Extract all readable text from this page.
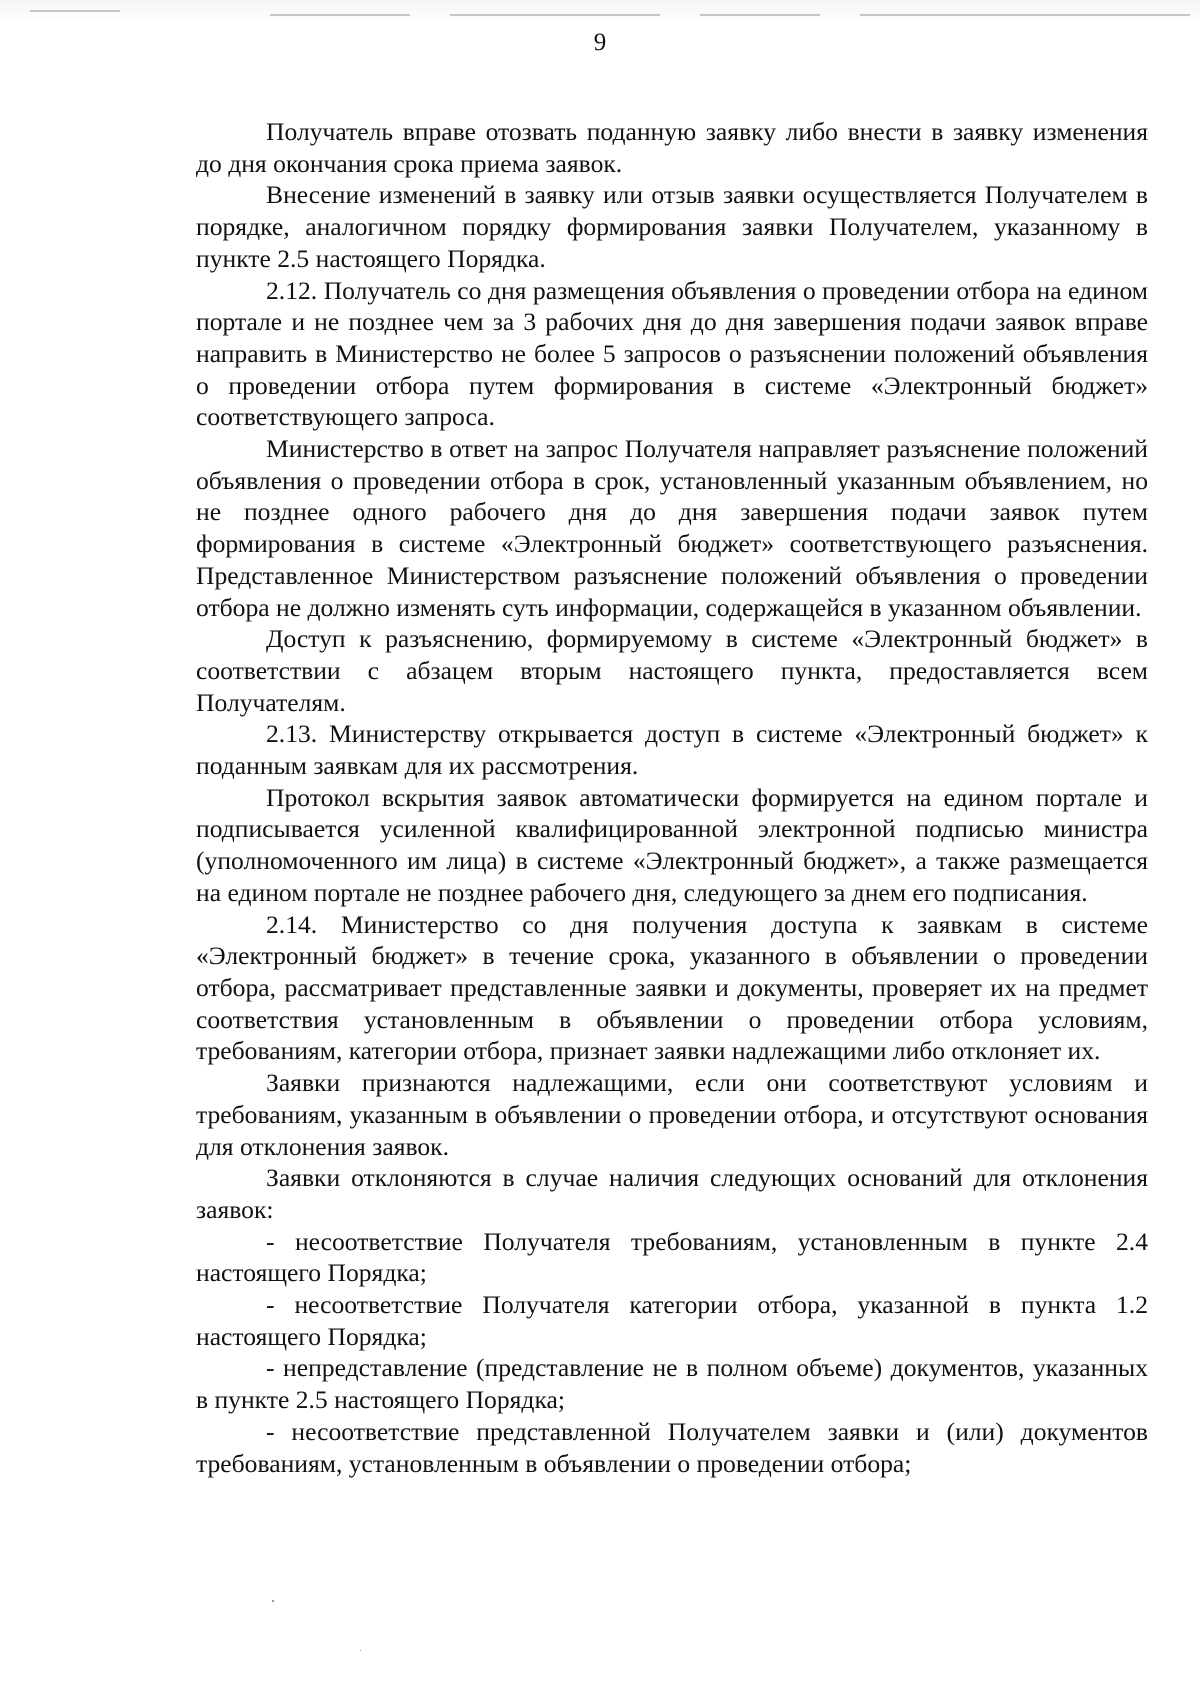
9

Получатель вправе отозвать поданную заявку либо внести в заявку изменения до дня окончания срока приема заявок.

Внесение изменений в заявку или отзыв заявки осуществляется Получателем в порядке, аналогичном порядку формирования заявки Получателем, указанному в пункте 2.5 настоящего Порядка.

2.12. Получатель со дня размещения объявления о проведении отбора на едином портале и не позднее чем за 3 рабочих дня до дня завершения подачи заявок вправе направить в Министерство не более 5 запросов о разъяснении положений объявления о проведении отбора путем формирования в системе «Электронный бюджет» соответствующего запроса.

Министерство в ответ на запрос Получателя направляет разъяснение положений объявления о проведении отбора в срок, установленный указанным объявлением, но не позднее одного рабочего дня до дня завершения подачи заявок путем формирования в системе «Электронный бюджет» соответствующего разъяснения. Представленное Министерством разъяснение положений объявления о проведении отбора не должно изменять суть информации, содержащейся в указанном объявлении.

Доступ к разъяснению, формируемому в системе «Электронный бюджет» в соответствии с абзацем вторым настоящего пункта, предоставляется всем Получателям.

2.13. Министерству открывается доступ в системе «Электронный бюджет» к поданным заявкам для их рассмотрения.

Протокол вскрытия заявок автоматически формируется на едином портале и подписывается усиленной квалифицированной электронной подписью министра (уполномоченного им лица) в системе «Электронный бюджет», а также размещается на едином портале не позднее рабочего дня, следующего за днем его подписания.

2.14. Министерство со дня получения доступа к заявкам в системе «Электронный бюджет» в течение срока, указанного в объявлении о проведении отбора, рассматривает представленные заявки и документы, проверяет их на предмет соответствия установленным в объявлении о проведении отбора условиям, требованиям, категории отбора, признает заявки надлежащими либо отклоняет их.

Заявки признаются надлежащими, если они соответствуют условиям и требованиям, указанным в объявлении о проведении отбора, и отсутствуют основания для отклонения заявок.

Заявки отклоняются в случае наличия следующих оснований для отклонения заявок:

- несоответствие Получателя требованиям, установленным в пункте 2.4 настоящего Порядка;

- несоответствие Получателя категории отбора, указанной в пункта 1.2 настоящего Порядка;

- непредставление (представление не в полном объеме) документов, указанных в пункте 2.5 настоящего Порядка;

- несоответствие представленной Получателем заявки и (или) документов требованиям, установленным в объявлении о проведении отбора;
